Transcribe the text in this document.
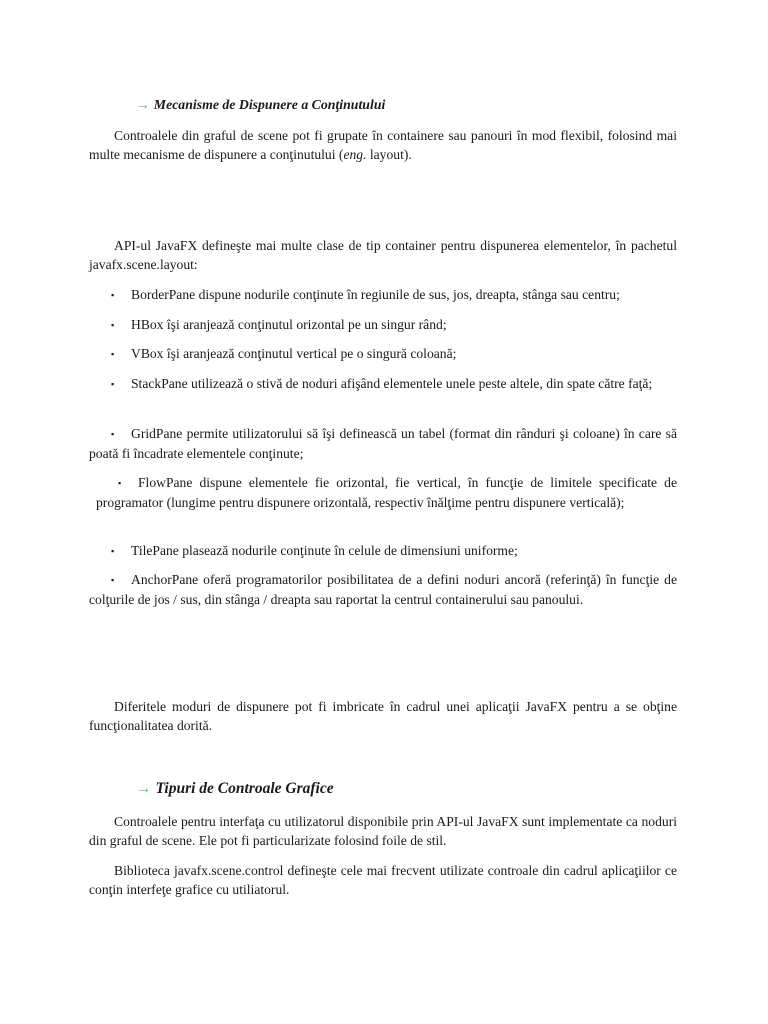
→ Mecanisme de Dispunere a Conţinutului

Controalele din graful de scene pot fi grupate în containere sau panouri în mod flexibil, folosind mai multe mecanisme de dispunere a conţinutului (eng. layout).

API-ul JavaFX defineşte mai multe clase de tip container pentru dispunerea elementelor, în pachetul javafx.scene.layout:

▪ BorderPane dispune nodurile conţinute în regiunile de sus, jos, dreapta, stânga sau centru;

▪ HBox îşi aranjează conţinutul orizontal pe un singur rând;

▪ VBox îşi aranjează conţinutul vertical pe o singură coloană;

▪ StackPane utilizează o stivă de noduri afişând elementele unele peste altele, din spate către faţă;

▪ GridPane permite utilizatorului să îşi definească un tabel (format din rânduri şi coloane) în care să poată fi încadrate elementele conţinute;

▪ FlowPane dispune elementele fie orizontal, fie vertical, în funcţie de limitele specificate de programator (lungime pentru dispunere orizontală, respectiv înălţime pentru dispunere verticală);

▪ TilePane plasează nodurile conţinute în celule de dimensiuni uniforme;

▪ AnchorPane oferă programatorilor posibilitatea de a defini noduri ancoră (referinţă) în funcţie de colţurile de jos / sus, din stânga / dreapta sau raportat la centrul containerului sau panoului.

Diferitele moduri de dispunere pot fi imbricate în cadrul unei aplicaţii JavaFX pentru a se obţine funcţionalitatea dorită.

→ Tipuri de Controale Grafice

Controalele pentru interfaţa cu utilizatorul disponibile prin API-ul JavaFX sunt implementate ca noduri din graful de scene. Ele pot fi particularizate folosind foile de stil.

Biblioteca javafx.scene.control defineşte cele mai frecvent utilizate controale din cadrul aplicaţiilor ce conţin interfeţe grafice cu utiliatorul.
